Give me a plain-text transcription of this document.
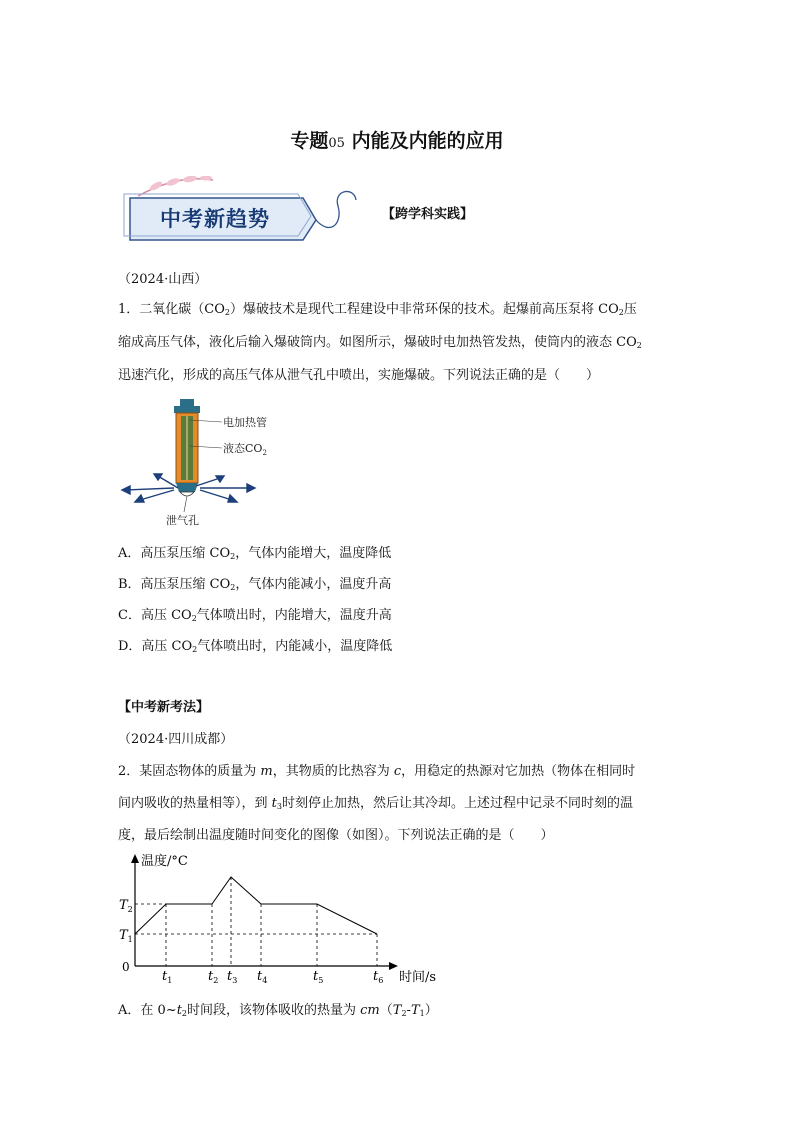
专题05 内能及内能的应用
中考新趋势	【跨学科实践】
（2024·山西）
1．二氧化碳$(CO_2)$爆破技术是现代工程建设中非常环保的技术。起爆前高压泵将 $CO_2$压
缩成高压气体，液化后输入爆破筒内。如图所示，爆破时电加热管发热，使筒内的液态 $CO_2$
迅速汽化，形成的高压气体从泄气孔中喷出，实施爆破。下列说法正确的是（　　）
电加热管
液态$CO_2$
泄气孔
A．高压泵压缩 $CO_2$，气体内能增大，温度降低
B．高压泵压缩 $CO_2$，气体内能减小，温度升高
C．高压 $CO_2$气体喷出时，内能增大，温度升高
D．高压 $CO_2$气体喷出时，内能减小，温度降低
【中考新考法】
（2024·四川成都）
2．某固态物体的质量为 m，其物质的比热容为 c，用稳定的热源对它加热（物体在相同时
间内吸收的热量相等），到 $t_3$时刻停止加热，然后让其冷却。上述过程中记录不同时刻的温
度，最后绘制出温度随时间变化的图像（如图）。下列说法正确的是（　　）
$t_1$	$t_2$ $t_3$ $t_4$	$t_5$	$t_6$
$T_1$
$T_2$
温度/°C
时间/s
0
A．在 $0\sim t_2$时间段，该物体吸收的热量为 $cm(T_2-T_1)$
